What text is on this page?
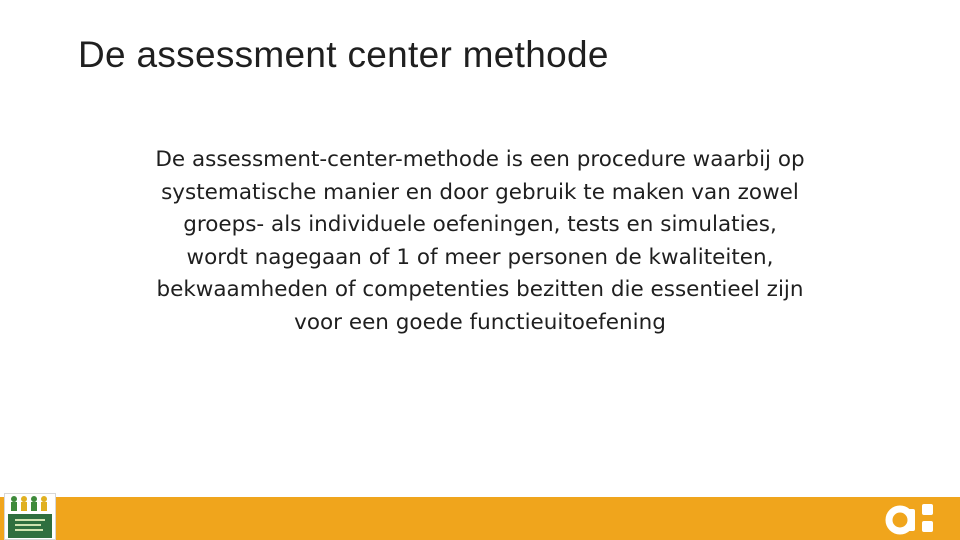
De assessment center methode

De assessment-center-methode is een procedure waarbij op systematische manier en door gebruik te maken van zowel groeps- als individuele oefeningen, tests en simulaties, wordt nagegaan of 1 of meer personen de kwaliteiten, bekwaamheden of competenties bezitten die essentieel zijn voor een goede functieuitoefening
